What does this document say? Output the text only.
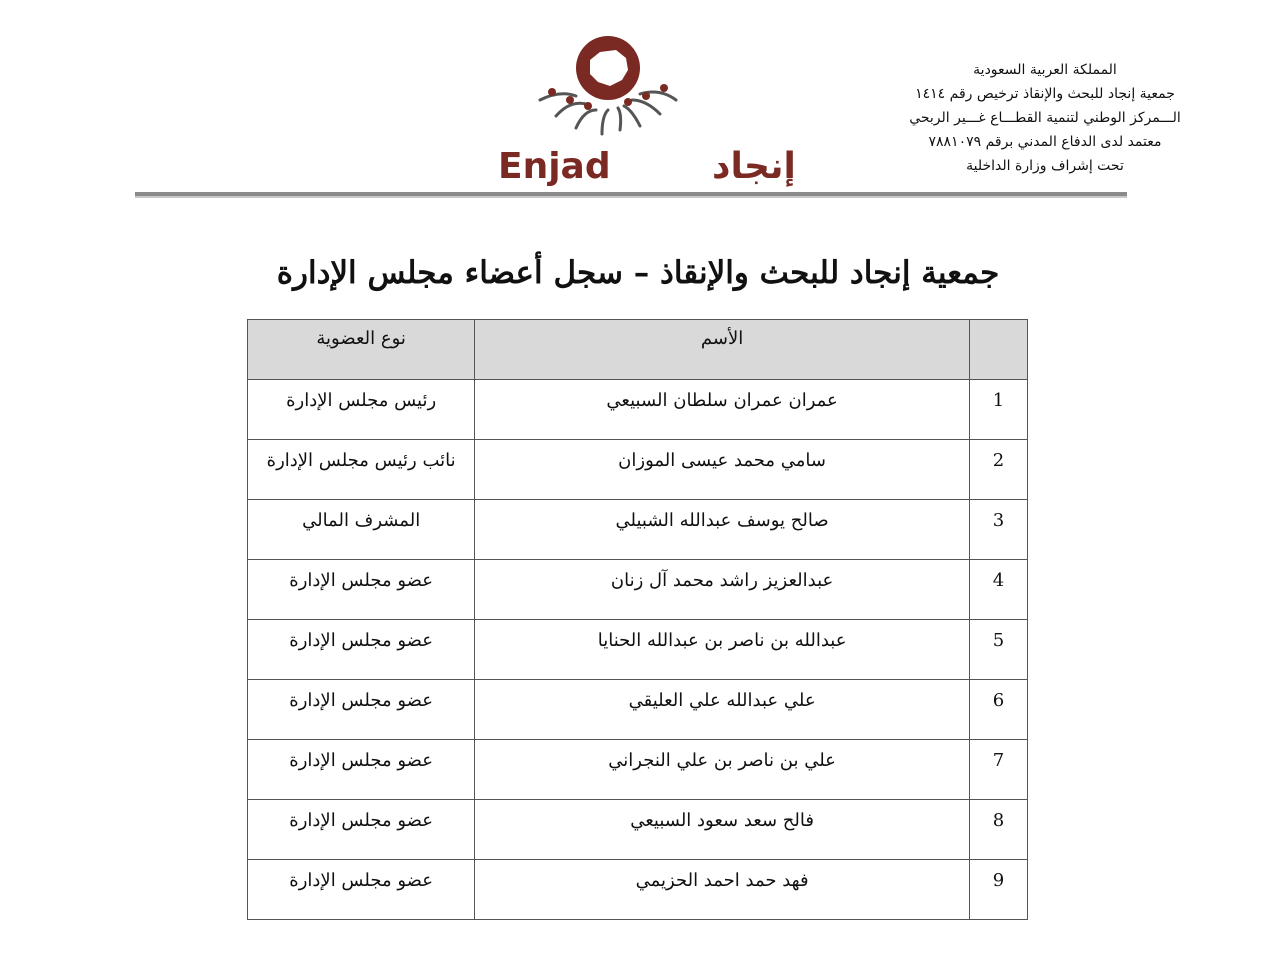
المملكة العربية السعودية
جمعية إنجاد للبحث والإنقاذ ترخيص رقم ١٤١٤
الـــمركز الوطني لتنمية القطـــاع غـــير الربحي
معتمد لدى الدفاع المدني برقم ٧٨٨١٠٧٩
تحت إشراف وزارة الداخلية
Enjad	إنجاد
جمعية إنجاد للبحث والإنقاذ – سجل أعضاء مجلس الإدارة
نوع العضوية	الأسم	
رئيس مجلس الإدارة	عمران عمران سلطان السبيعي	1
نائب رئيس مجلس الإدارة	سامي محمد عيسى الموزان	2
المشرف المالي	صالح يوسف عبدالله الشبيلي	3
عضو مجلس الإدارة	عبدالعزيز راشد محمد آل زنان	4
عضو مجلس الإدارة	عبدالله بن ناصر بن عبدالله الحنايا	5
عضو مجلس الإدارة	علي عبدالله علي العليقي	6
عضو مجلس الإدارة	علي بن ناصر بن علي النجراني	7
عضو مجلس الإدارة	فالح سعد سعود السبيعي	8
عضو مجلس الإدارة	فهد حمد احمد الحزيمي	9
